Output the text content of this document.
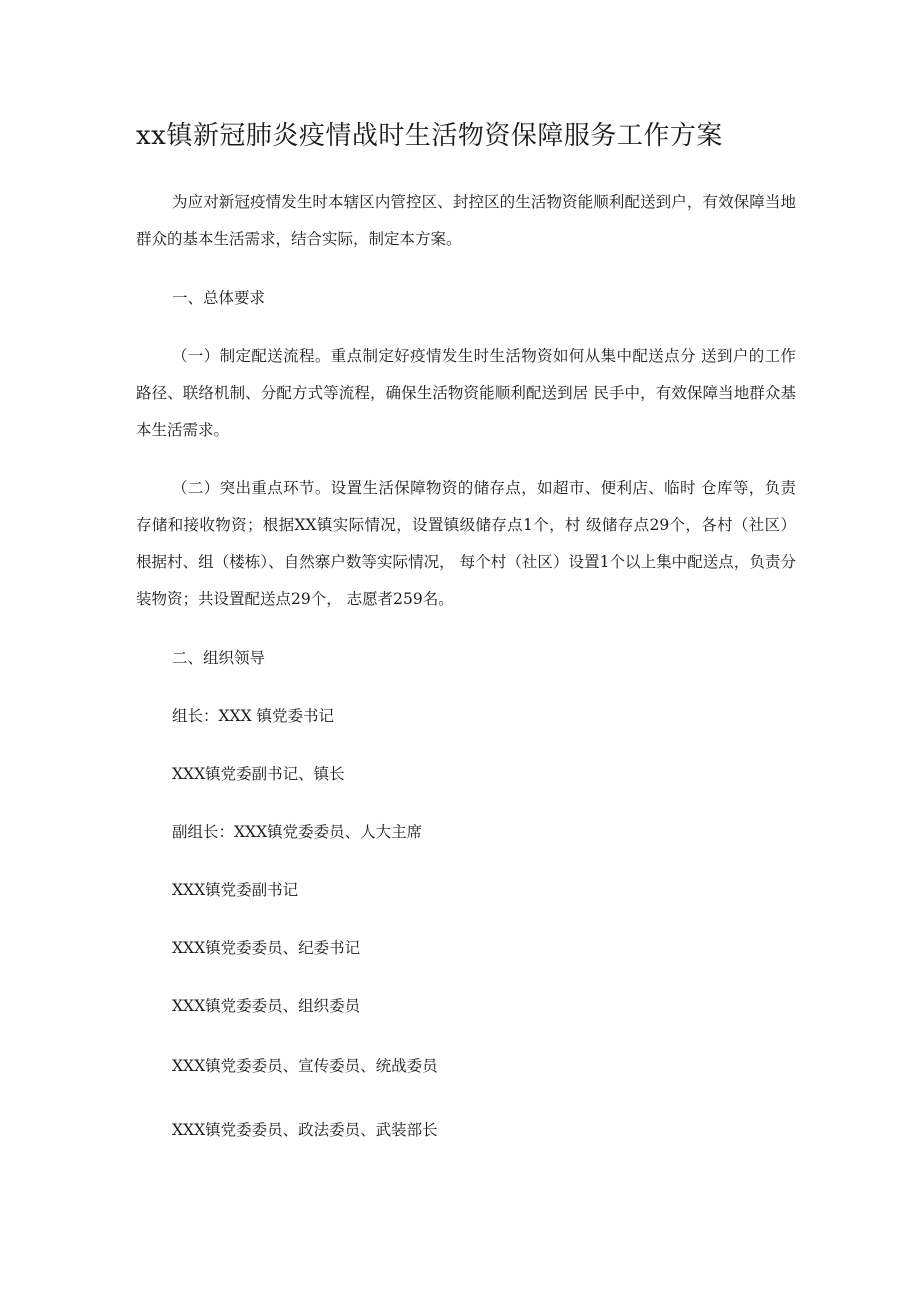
xx镇新冠肺炎疫情战时生活物资保障服务工作方案

为应对新冠疫情发生时本辖区内管控区、封控区的生活物资能顺利配送到户，有效保障当地群众的基本生活需求，结合实际，制定本方案。

一、总体要求

（一）制定配送流程。重点制定好疫情发生时生活物资如何从集中配送点分 送到户的工作路径、联络机制、分配方式等流程，确保生活物资能顺利配送到居 民手中，有效保障当地群众基本生活需求。

（二）突出重点环节。设置生活保障物资的储存点，如超市、便利店、临时 仓库等，负责存储和接收物资；根据XX镇实际情况，设置镇级储存点1个，村 级储存点29个，各村（社区）根据村、组（楼栋）、自然寨户数等实际情况， 每个村（社区）设置1个以上集中配送点，负责分装物资；共设置配送点29个， 志愿者259名。

二、组织领导
组长：XXX 镇党委书记
XXX镇党委副书记、镇长
副组长：XXX镇党委委员、人大主席
XXX镇党委副书记
XXX镇党委委员、纪委书记
XXX镇党委委员、组织委员
XXX镇党委委员、宣传委员、统战委员
XXX镇党委委员、政法委员、武装部长
